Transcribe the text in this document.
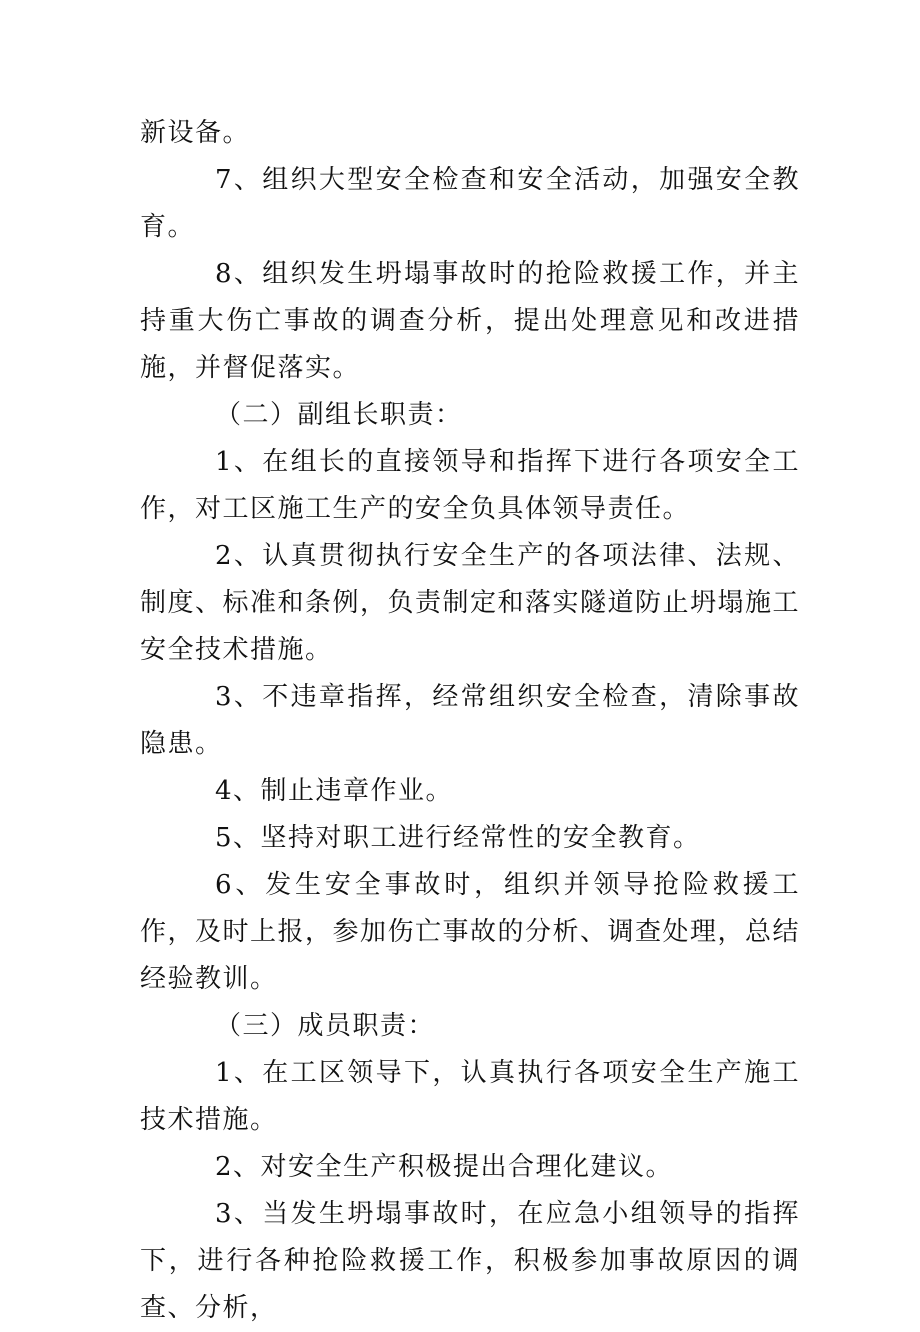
新设备。

7、组织大型安全检查和安全活动，加强安全教育。

8、组织发生坍塌事故时的抢险救援工作，并主持重大伤亡事故的调查分析，提出处理意见和改进措施，并督促落实。

（二）副组长职责：

1、在组长的直接领导和指挥下进行各项安全工作，对工区施工生产的安全负具体领导责任。

2、认真贯彻执行安全生产的各项法律、法规、制度、标准和条例，负责制定和落实隧道防止坍塌施工安全技术措施。

3、不违章指挥，经常组织安全检查，清除事故隐患。

4、制止违章作业。

5、坚持对职工进行经常性的安全教育。

6、发生安全事故时，组织并领导抢险救援工作，及时上报，参加伤亡事故的分析、调查处理，总结经验教训。

（三）成员职责：

1、在工区领导下，认真执行各项安全生产施工技术措施。

2、对安全生产积极提出合理化建议。

3、当发生坍塌事故时，在应急小组领导的指挥下，进行各种抢险救援工作，积极参加事故原因的调查、分析，
